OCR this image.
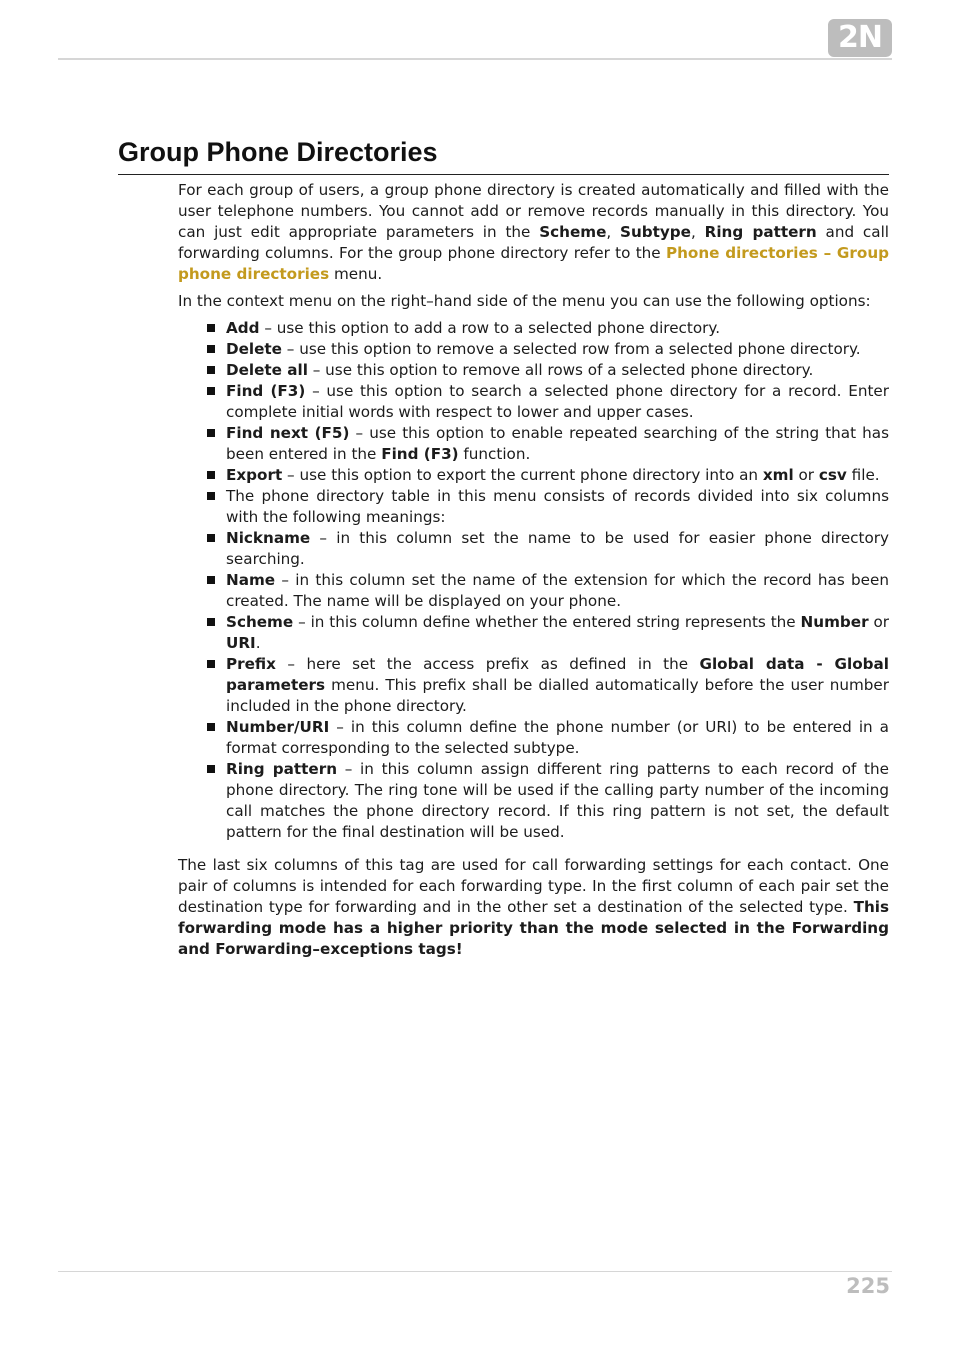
2N
Group Phone Directories

For each group of users, a group phone directory is created automatically and filled with the user telephone numbers. You cannot add or remove records manually in this directory. You can just edit appropriate parameters in the Scheme, Subtype, Ring pattern and call forwarding columns. For the group phone directory refer to the Phone directories – Group phone directories menu.

In the context menu on the right–hand side of the menu you can use the following options:

Add – use this option to add a row to a selected phone directory.
Delete – use this option to remove a selected row from a selected phone directory.
Delete all – use this option to remove all rows of a selected phone directory.
Find (F3) – use this option to search a selected phone directory for a record. Enter complete initial words with respect to lower and upper cases.
Find next (F5) – use this option to enable repeated searching of the string that has been entered in the Find (F3) function.
Export – use this option to export the current phone directory into an xml or csv file.
The phone directory table in this menu consists of records divided into six columns with the following meanings:
Nickname – in this column set the name to be used for easier phone directory searching.
Name – in this column set the name of the extension for which the record has been created. The name will be displayed on your phone.
Scheme – in this column define whether the entered string represents the Number or URI.
Prefix – here set the access prefix as defined in the Global data - Global parameters menu. This prefix shall be dialled automatically before the user number included in the phone directory.
Number/URI – in this column define the phone number (or URI) to be entered in a format corresponding to the selected subtype.
Ring pattern – in this column assign different ring patterns to each record of the phone directory. The ring tone will be used if the calling party number of the incoming call matches the phone directory record. If this ring pattern is not set, the default pattern for the final destination will be used.

The last six columns of this tag are used for call forwarding settings for each contact. One pair of columns is intended for each forwarding type. In the first column of each pair set the destination type for forwarding and in the other set a destination of the selected type. This forwarding mode has a higher priority than the mode selected in the Forwarding and Forwarding–exceptions tags!

225
